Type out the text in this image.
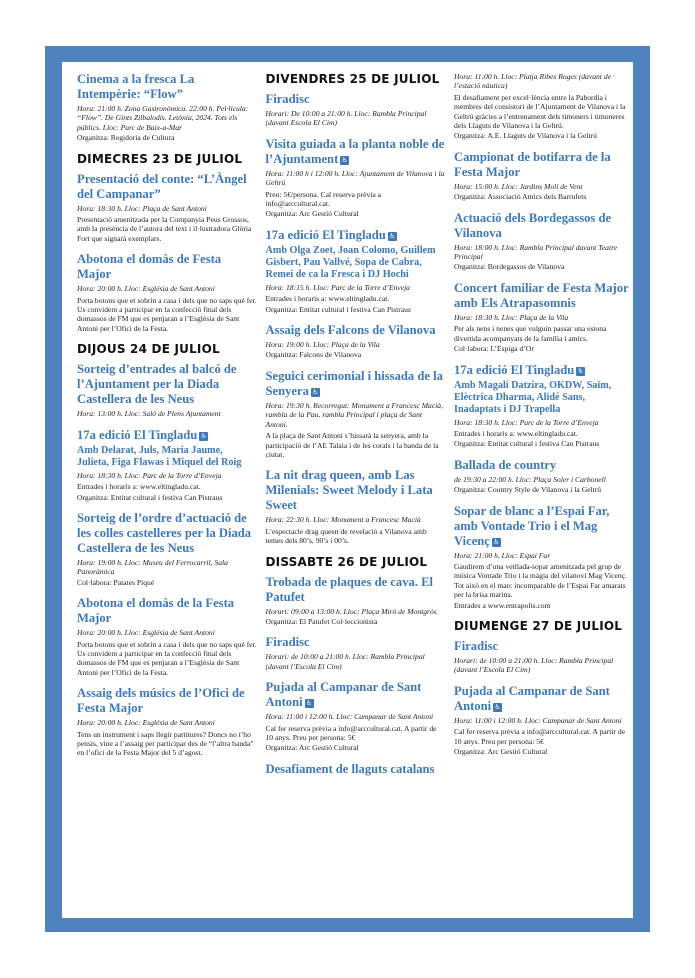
Cinema a la fresca La Intempèrie: “Flow”

Hora: 21:00 h. Zona Gastronòmica. 22:00 h. Pel·lícula: “Flow”. De Gints Zilbalodis. Letònia, 2024. Tots els públics. Lloc: Parc de Baix-a-Mar

Organitza: Regidoria de Cultura

DIMECRES 23 DE JULIOL

Presentació del conte: “L’Àngel del Campanar”

Hora: 18:30 h. Lloc: Plaça de Sant Antoni

Presentació amenitzada per la Companyia Peus Grossos, amb la presència de l’autora del text i il·lustradora Glòria Fort que signarà exemplars.

Abotona el domàs de Festa Major

Hora: 20:00 h. Lloc: Església de Sant Antoni

Porta botons que et sobrin a casa i dels que no saps què fer. Us convidem a participar en la confecció final dels domassos de FM que es penjaran a l’Església de Sant Antoni per l’Ofici de la Festa.

DIJOUS 24 DE JULIOL

Sorteig d’entrades al balcó de l’Ajuntament per la Diada Castellera de les Neus

Hora: 13:00 h. Lloc: Saló de Plens Ajuntament

17a edició El Tingladu ♿

Amb Delarat, Juls, Maria Jaume, Julieta, Figa Flawas i Miquel del Roig

Hora: 18:30 h. Lloc: Parc de la Torre d’Enveja

Entrades i horaris a: www.eltingladu.cat.

Organitza: Entitat cultural i festiva Can Pistraus

Sorteig de l’ordre d’actuació de les colles castelleres per la Diada Castellera de les Neus

Hora: 19:00 h. Lloc: Museu del Ferrocarril, Sala Panoràmica

Col·labora: Patates Piqué

Abotona el domàs de la Festa Major

Hora: 20:00 h. Lloc: Església de Sant Antoni

Porta botons que et sobrin a casa i dels que no saps què fer. Us convidem a participar en la confecció final dels domassos de FM que es penjaran a l’Església de Sant Antoni per l’Ofici de la Festa.

Assaig dels músics de l’Ofici de Festa Major

Hora: 20:00 h. Lloc: Església de Sant Antoni

Tens un instrument i saps llegir partitures? Doncs no t’ho pensis, vine a l’assaig per participar des de “l’altra banda” en l’ofici de la Festa Major del 5 d’agost.

DIVENDRES 25 DE JULIOL

Firadisc

Horari: De 10:00 a 21:00 h. Lloc: Rambla Principal (davant Escola El Cim)

Visita guiada a la planta noble de l’Ajuntament ♿

Hora: 11:00 h i 12:00 h. Lloc: Ajuntament de Vilanova i la Geltrú

Preu: 5€/persona. Cal reserva prèvia a info@arccultural.cat.

Organitza: Arc Gestió Cultural

17a edició El Tingladu ♿

Amb Olga Zoet, Joan Colomo, Guillem Gisbert, Pau Vallvé, Sopa de Cabra, Remei de ca la Fresca i DJ Hochi

Hora: 18:15 h. Lloc: Parc de la Torre d’Enveja

Entrades i horaris a: www.eltingladu.cat.

Organitza: Entitat cultural i festiva Can Pistraus

Assaig dels Falcons de Vilanova

Hora: 19:00 h. Lloc: Plaça de la Vila

Organitza: Falcons de Vilanova

Seguici cerimonial i hissada de la Senyera ♿

Hora: 19:30 h. Recorregut: Monument a Francesc Macià, rambla de la Pau, rambla Principal i plaça de Sant Antoni.

A la plaça de Sant Antoni s’hissarà la senyera, amb la participació de l’AE Talaia i de les corals i la banda de la ciutat.

La nit drag queen, amb Las Milenials: Sweet Melody i Lata Sweet

Hora: 22:30 h. Lloc: Monument a Francesc Macià

L’espectacle drag queen de revelació a Vilanova amb temes dels 80’s, 90’s i 00’s.

DISSABTE 26 DE JULIOL

Trobada de plaques de cava. El Patufet

Horari: 09:00 a 13:00 h. Lloc: Plaça Miró de Montgròs

Organitza: El Patufet Col·leccionista

Firadisc

Horari: de 10:00 a 21:00 h. Lloc: Rambla Principal (davant l’Escola El Cim)

Pujada al Campanar de Sant Antoni ♿

Hora: 11:00 i 12:00 h. Lloc: Campanar de Sant Antoni

Cal fer reserva prèvia a info@arccultural.cat. A partir de 10 anys. Preu per persona: 5€

Organitza: Arc Gestió Cultural

Desafiament de llaguts catalans

Hora: 11:00 h. Lloc: Platja Ribes Roges (davant de l’estació nàutica)

El desafiament per excel·lència entre la Pabordia i membres del consistori de l’Ajuntament de Vilanova i la Geltrú gràcies a l’entrenament dels timoners i timoneres dels Llaguts de Vilanova i la Geltrú.

Organitza: A.E. Llaguts de Vilanova i la Geltrú

Campionat de botifarra de la Festa Major

Hora: 15:00 h. Lloc: Jardins Molí de Vent

Organitza: Associació Amics dels Barrufets

Actuació dels Bordegassos de Vilanova

Hora: 18:00 h. Lloc: Rambla Principal davant Teatre Principal

Organitza: Bordegassos de Vilanova

Concert familiar de Festa Major amb Els Atrapasomnis

Hora: 18:30 h. Lloc: Plaça de la Vila

Per als nens i nenes que vulguin passar una estona divertida acompanyats de la família i amics.

Col·labora: L’Espiga d’Or

17a edició El Tingladu ♿

Amb Magalí Datzira, OKDW, Saïm, Elèctrica Dharma, Alidé Sans, Inadaptats i DJ Trapella

Hora: 18:30 h. Lloc: Parc de la Torre d’Enveja

Entrades i horaris a: www.eltingladu.cat.

Organitza: Entitat cultural i festiva Can Pistraus

Ballada de country

de 19:30 a 22:00 h. Lloc: Plaça Soler i Carbonell

Organitza: Country Style de Vilanova i la Geltrú

Sopar de blanc a l’Espai Far, amb Vontade Trio i el Mag Vicenç ♿

Hora: 21:00 h. Lloc: Espai Far

Gaudirem d’una vetllada-sopar amenitzada pel grup de música Vontade Trio i la màgia del vilanoví Mag Vicenç. Tot això en el marc incomparable de l’Espai Far amarats per la brisa marina.

Entrades a www.entrapolis.com

DIUMENGE 27 DE JULIOL

Firadisc

Horari: de 10:00 a 21:00 h. Lloc: Rambla Principal (davant l’Escola El Cim)

Pujada al Campanar de Sant Antoni ♿

Hora: 11:00 i 12:00 h. Lloc: Campanar de Sant Antoni

Cal fer reserva prèvia a info@arccultural.cat. A partir de 10 anys. Preu per persona: 5€

Organitza: Arc Gestió Cultural
